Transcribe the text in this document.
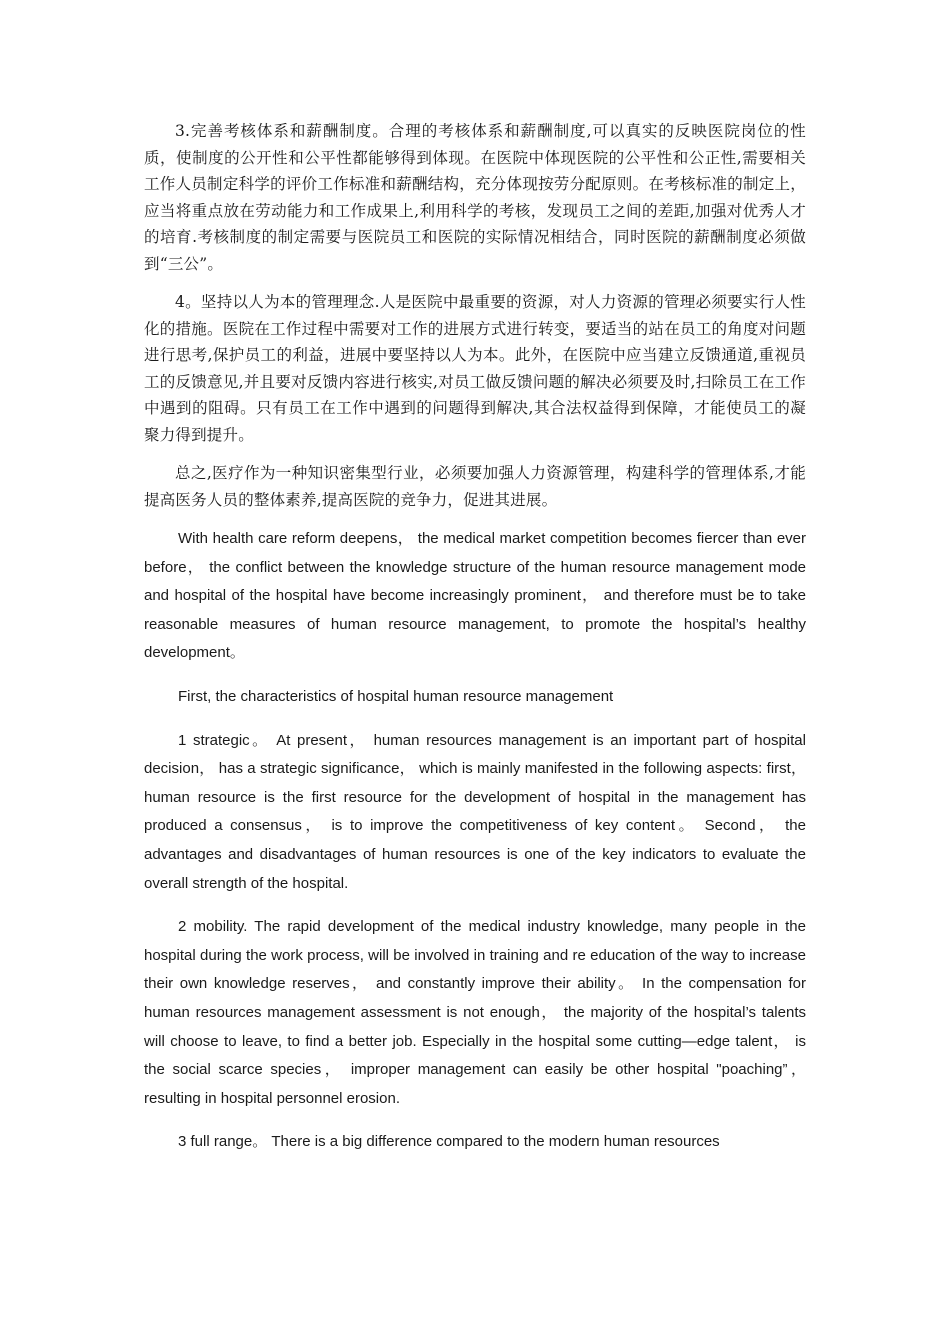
3.完善考核体系和薪酬制度。合理的考核体系和薪酬制度,可以真实的反映医院岗位的性质，使制度的公开性和公平性都能够得到体现。在医院中体现医院的公平性和公正性,需要相关工作人员制定科学的评价工作标准和薪酬结构，充分体现按劳分配原则。在考核标准的制定上，应当将重点放在劳动能力和工作成果上,利用科学的考核，发现员工之间的差距,加强对优秀人才的培育.考核制度的制定需要与医院员工和医院的实际情况相结合，同时医院的薪酬制度必须做到“三公”。

4。坚持以人为本的管理理念.人是医院中最重要的资源，对人力资源的管理必须要实行人性化的措施。医院在工作过程中需要对工作的进展方式进行转变，要适当的站在员工的角度对问题进行思考,保护员工的利益，进展中要坚持以人为本。此外，在医院中应当建立反馈通道,重视员工的反馈意见,并且要对反馈内容进行核实,对员工做反馈问题的解决必须要及时,扫除员工在工作中遇到的阻碍。只有员工在工作中遇到的问题得到解决,其合法权益得到保障，才能使员工的凝聚力得到提升。

总之,医疗作为一种知识密集型行业，必须要加强人力资源管理，构建科学的管理体系,才能提高医务人员的整体素养,提高医院的竞争力，促进其进展。

With health care reform deepens， the medical market competition becomes fiercer than ever before， the conflict between the knowledge structure of the human resource management mode and hospital of the hospital have become increasingly prominent， and therefore must be to take reasonable measures of human resource management, to promote the hospital’s healthy development。

First, the characteristics of hospital human resource management

1 strategic。 At present， human resources management is an important part of hospital decision， has a strategic significance， which is mainly manifested in the following aspects: first， human resource is the first resource for the development of hospital in the management has produced a consensus， is to improve the competitiveness of key content。 Second， the advantages and disadvantages of human resources is one of the key indicators to evaluate the overall strength of the hospital.

2 mobility. The rapid development of the medical industry knowledge, many people in the hospital during the work process, will be involved in training and re education of the way to increase their own knowledge reserves， and constantly improve their ability。 In the compensation for human resources management assessment is not enough， the majority of the hospital’s talents will choose to leave, to find a better job. Especially in the hospital some cutting—edge talent， is the social scarce species， improper management can easily be other hospital "poaching”， resulting in hospital personnel erosion.

3 full range。 There is a big difference compared to the modern human resources
